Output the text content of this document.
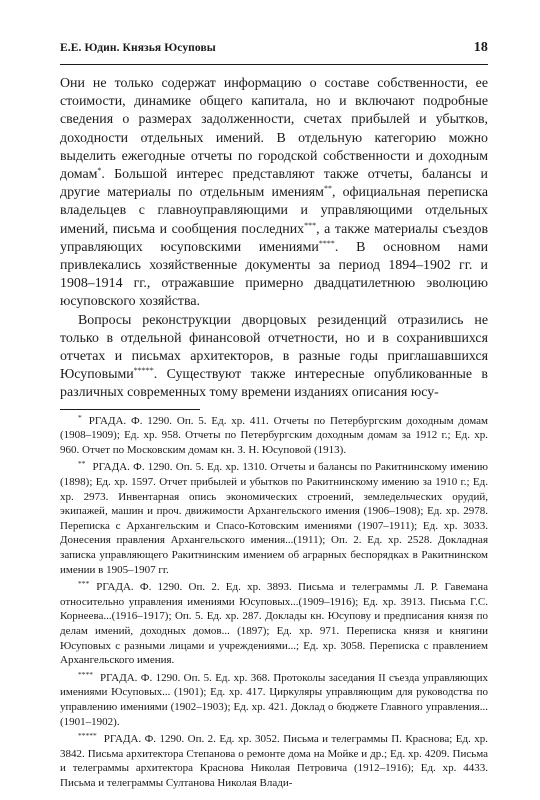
Е.Е. Юдин. Князья Юсуповы	18

Они не только содержат информацию о составе собственности, ее стоимости, динамике общего капитала, но и включают подробные сведения о размерах задолженности, счетах прибылей и убытков, доходности отдельных имений. В отдельную категорию можно выделить ежегодные отчеты по городской собственности и доходным домам*. Большой интерес представляют также отчеты, балансы и другие материалы по отдельным имениям**, официальная переписка владельцев с главноуправляющими и управляющими отдельных имений, письма и сообщения последних***, а также материалы съездов управляющих юсуповскими имениями****. В основном нами привлекались хозяйственные документы за период 1894–1902 гг. и 1908–1914 гг., отражавшие примерно двадцатилетнюю эволюцию юсуповского хозяйства.

Вопросы реконструкции дворцовых резиденций отразились не только в отдельной финансовой отчетности, но и в сохранившихся отчетах и письмах архитекторов, в разные годы приглашавшихся Юсуповыми*****. Существуют также интересные опубликованные в различных современных тому времени изданиях описания юсу-

* РГАДА. Ф. 1290. Оп. 5. Ед. хр. 411. Отчеты по Петербургским доходным домам (1908–1909); Ед. хр. 958. Отчеты по Петербургским доходным домам за 1912 г.; Ед. хр. 960. Отчет по Московским домам кн. З. Н. Юсуповой (1913).

** РГАДА. Ф. 1290. Оп. 5. Ед. хр. 1310. Отчеты и балансы по Ракитнинскому имению (1898); Ед. хр. 1597. Отчет прибылей и убытков по Ракитнинскому имению за 1910 г.; Ед. хр. 2973. Инвентарная опись экономических строений, земледельческих орудий, экипажей, машин и проч. движимости Архангельского имения (1906–1908); Ед. хр. 2978. Переписка с Архангельским и Спасо-Котовским имениями (1907–1911); Ед. хр. 3033. Донесения правления Архангельского имения...(1911); Оп. 2. Ед. хр. 2528. Докладная записка управляющего Ракитнинским имением об аграрных беспорядках в Ракитнинском имении в 1905–1907 гг.

*** РГАДА. Ф. 1290. Оп. 2. Ед. хр. 3893. Письма и телеграммы Л. Р. Гавемана относительно управления имениями Юсуповых...(1909–1916); Ед. хр. 3913. Письма Г.С. Корнеева...(1916–1917); Оп. 5. Ед. хр. 287. Доклады кн. Юсупову и предписания князя по делам имений, доходных домов... (1897); Ед. хр. 971. Переписка князя и княгини Юсуповых с разными лицами и учреждениями...; Ед. хр. 3058. Переписка с правлением Архангельского имения.

**** РГАДА. Ф. 1290. Оп. 5. Ед. хр. 368. Протоколы заседания II съезда управляющих имениями Юсуповых... (1901); Ед. хр. 417. Циркуляры управляющим для руководства по управлению имениями (1902–1903); Ед. хр. 421. Доклад о бюджете Главного управления...(1901–1902).

***** РГАДА. Ф. 1290. Оп. 2. Ед. хр. 3052. Письма и телеграммы П. Краснова; Ед. хр. 3842. Письма архитектора Степанова о ремонте дома на Мойке и др.; Ед. хр. 4209. Письма и телеграммы архитектора Краснова Николая Петровича (1912–1916); Ед. хр. 4433. Письма и телеграммы Султанова Николая Влади-
